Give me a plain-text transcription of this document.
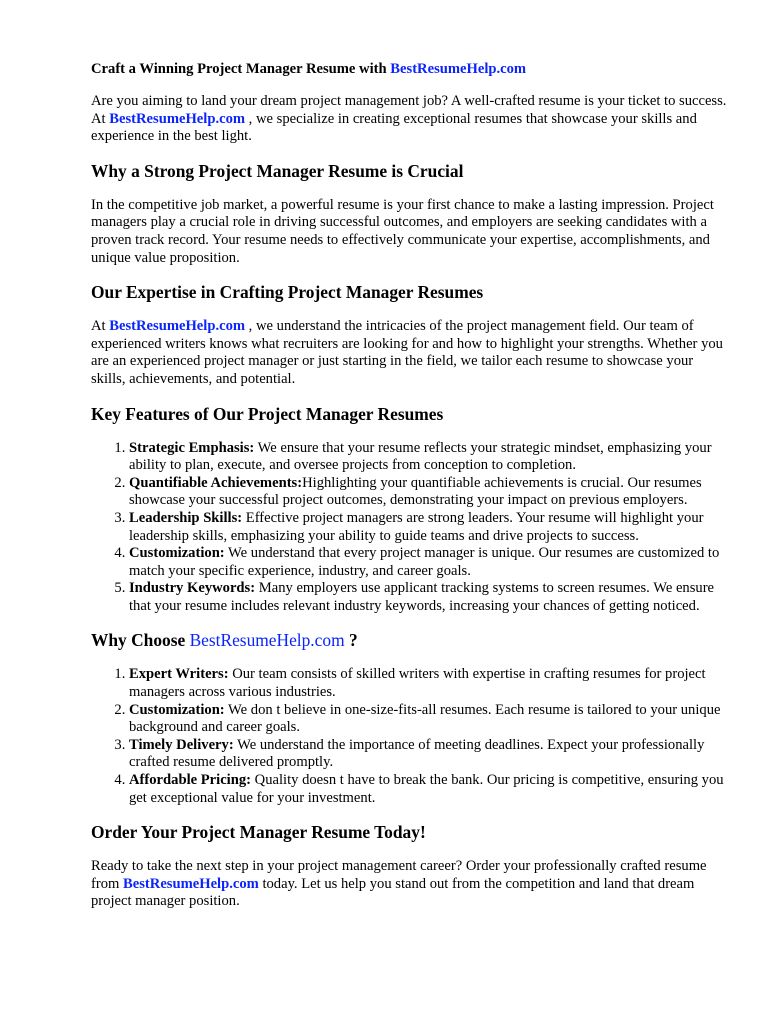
Craft a Winning Project Manager Resume with BestResumeHelp.com

Are you aiming to land your dream project management job? A well-crafted resume is your ticket to success. At BestResumeHelp.com , we specialize in creating exceptional resumes that showcase your skills and experience in the best light.

Why a Strong Project Manager Resume is Crucial

In the competitive job market, a powerful resume is your first chance to make a lasting impression. Project managers play a crucial role in driving successful outcomes, and employers are seeking candidates with a proven track record. Your resume needs to effectively communicate your expertise, accomplishments, and unique value proposition.

Our Expertise in Crafting Project Manager Resumes

At BestResumeHelp.com , we understand the intricacies of the project management field. Our team of experienced writers knows what recruiters are looking for and how to highlight your strengths. Whether you are an experienced project manager or just starting in the field, we tailor each resume to showcase your skills, achievements, and potential.

Key Features of Our Project Manager Resumes
1. Strategic Emphasis: We ensure that your resume reflects your strategic mindset, emphasizing your ability to plan, execute, and oversee projects from conception to completion.
2. Quantifiable Achievements:Highlighting your quantifiable achievements is crucial. Our resumes showcase your successful project outcomes, demonstrating your impact on previous employers.
3. Leadership Skills: Effective project managers are strong leaders. Your resume will highlight your leadership skills, emphasizing your ability to guide teams and drive projects to success.
4. Customization: We understand that every project manager is unique. Our resumes are customized to match your specific experience, industry, and career goals.
5. Industry Keywords: Many employers use applicant tracking systems to screen resumes. We ensure that your resume includes relevant industry keywords, increasing your chances of getting noticed.
Why Choose BestResumeHelp.com ?
1. Expert Writers: Our team consists of skilled writers with expertise in crafting resumes for project managers across various industries.
2. Customization: We don t believe in one-size-fits-all resumes. Each resume is tailored to your unique background and career goals.
3. Timely Delivery: We understand the importance of meeting deadlines. Expect your professionally crafted resume delivered promptly.
4. Affordable Pricing: Quality doesn t have to break the bank. Our pricing is competitive, ensuring you get exceptional value for your investment.
Order Your Project Manager Resume Today!

Ready to take the next step in your project management career? Order your professionally crafted resume from BestResumeHelp.com today. Let us help you stand out from the competition and land that dream project manager position.
